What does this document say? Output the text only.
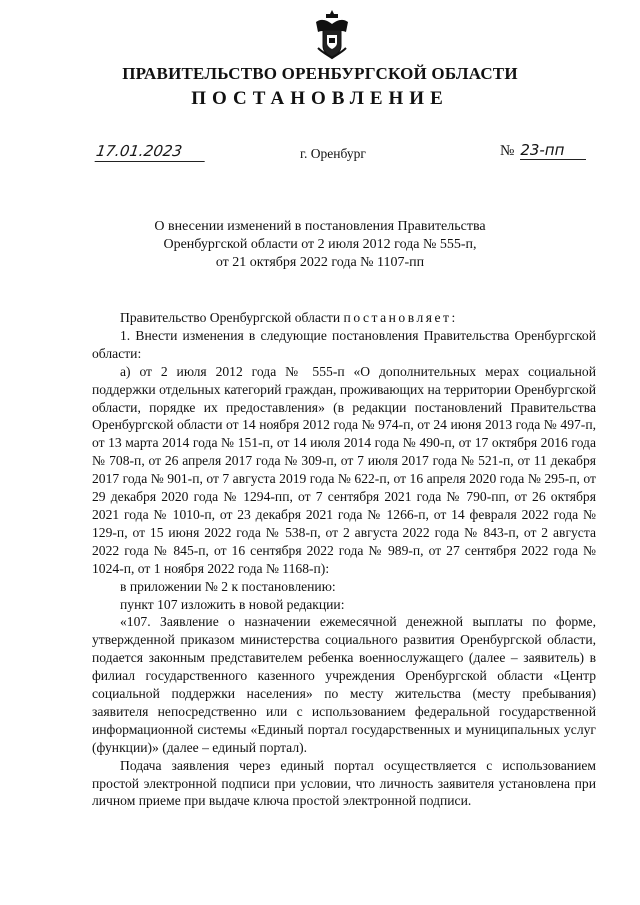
ПРАВИТЕЛЬСТВО ОРЕНБУРГСКОЙ ОБЛАСТИ
ПОСТАНОВЛЕНИЕ
17.01.2023	г. Оренбург	№ 23-пп
О внесении изменений в постановления Правительства
Оренбургской области от 2 июля 2012 года № 555-п,
от 21 октября 2022 года № 1107-пп

Правительство Оренбургской области постановляет:

1. Внести изменения в следующие постановления Правительства Оренбургской области:

а) от 2 июля 2012 года № 555-п «О дополнительных мерах социальной поддержки отдельных категорий граждан, проживающих на территории Оренбургской области, порядке их предоставления» (в редакции постановлений Правительства Оренбургской области от 14 ноября 2012 года № 974-п, от 24 июня 2013 года № 497-п, от 13 марта 2014 года № 151-п, от 14 июля 2014 года № 490-п, от 17 октября 2016 года № 708-п, от 26 апреля 2017 года № 309-п, от 7 июля 2017 года № 521-п, от 11 декабря 2017 года № 901-п, от 7 августа 2019 года № 622-п, от 16 апреля 2020 года № 295-п, от 29 декабря 2020 года № 1294-пп, от 7 сентября 2021 года № 790-пп, от 26 октября 2021 года № 1010-п, от 23 декабря 2021 года № 1266-п, от 14 февраля 2022 года № 129-п, от 15 июня 2022 года № 538-п, от 2 августа 2022 года № 843-п, от 2 августа 2022 года № 845-п, от 16 сентября 2022 года № 989-п, от 27 сентября 2022 года № 1024-п, от 1 ноября 2022 года № 1168-п):

в приложении № 2 к постановлению:

пункт 107 изложить в новой редакции:

«107. Заявление о назначении ежемесячной денежной выплаты по форме, утвержденной приказом министерства социального развития Оренбургской области, подается законным представителем ребенка военнослужащего (далее – заявитель) в филиал государственного казенного учреждения Оренбургской области «Центр социальной поддержки населения» по месту жительства (месту пребывания) заявителя непосредственно или с использованием федеральной государственной информационной системы «Единый портал государственных и муниципальных услуг (функции)» (далее – единый портал).

Подача заявления через единый портал осуществляется с использованием простой электронной подписи при условии, что личность заявителя установлена при личном приеме при выдаче ключа простой электронной подписи.
